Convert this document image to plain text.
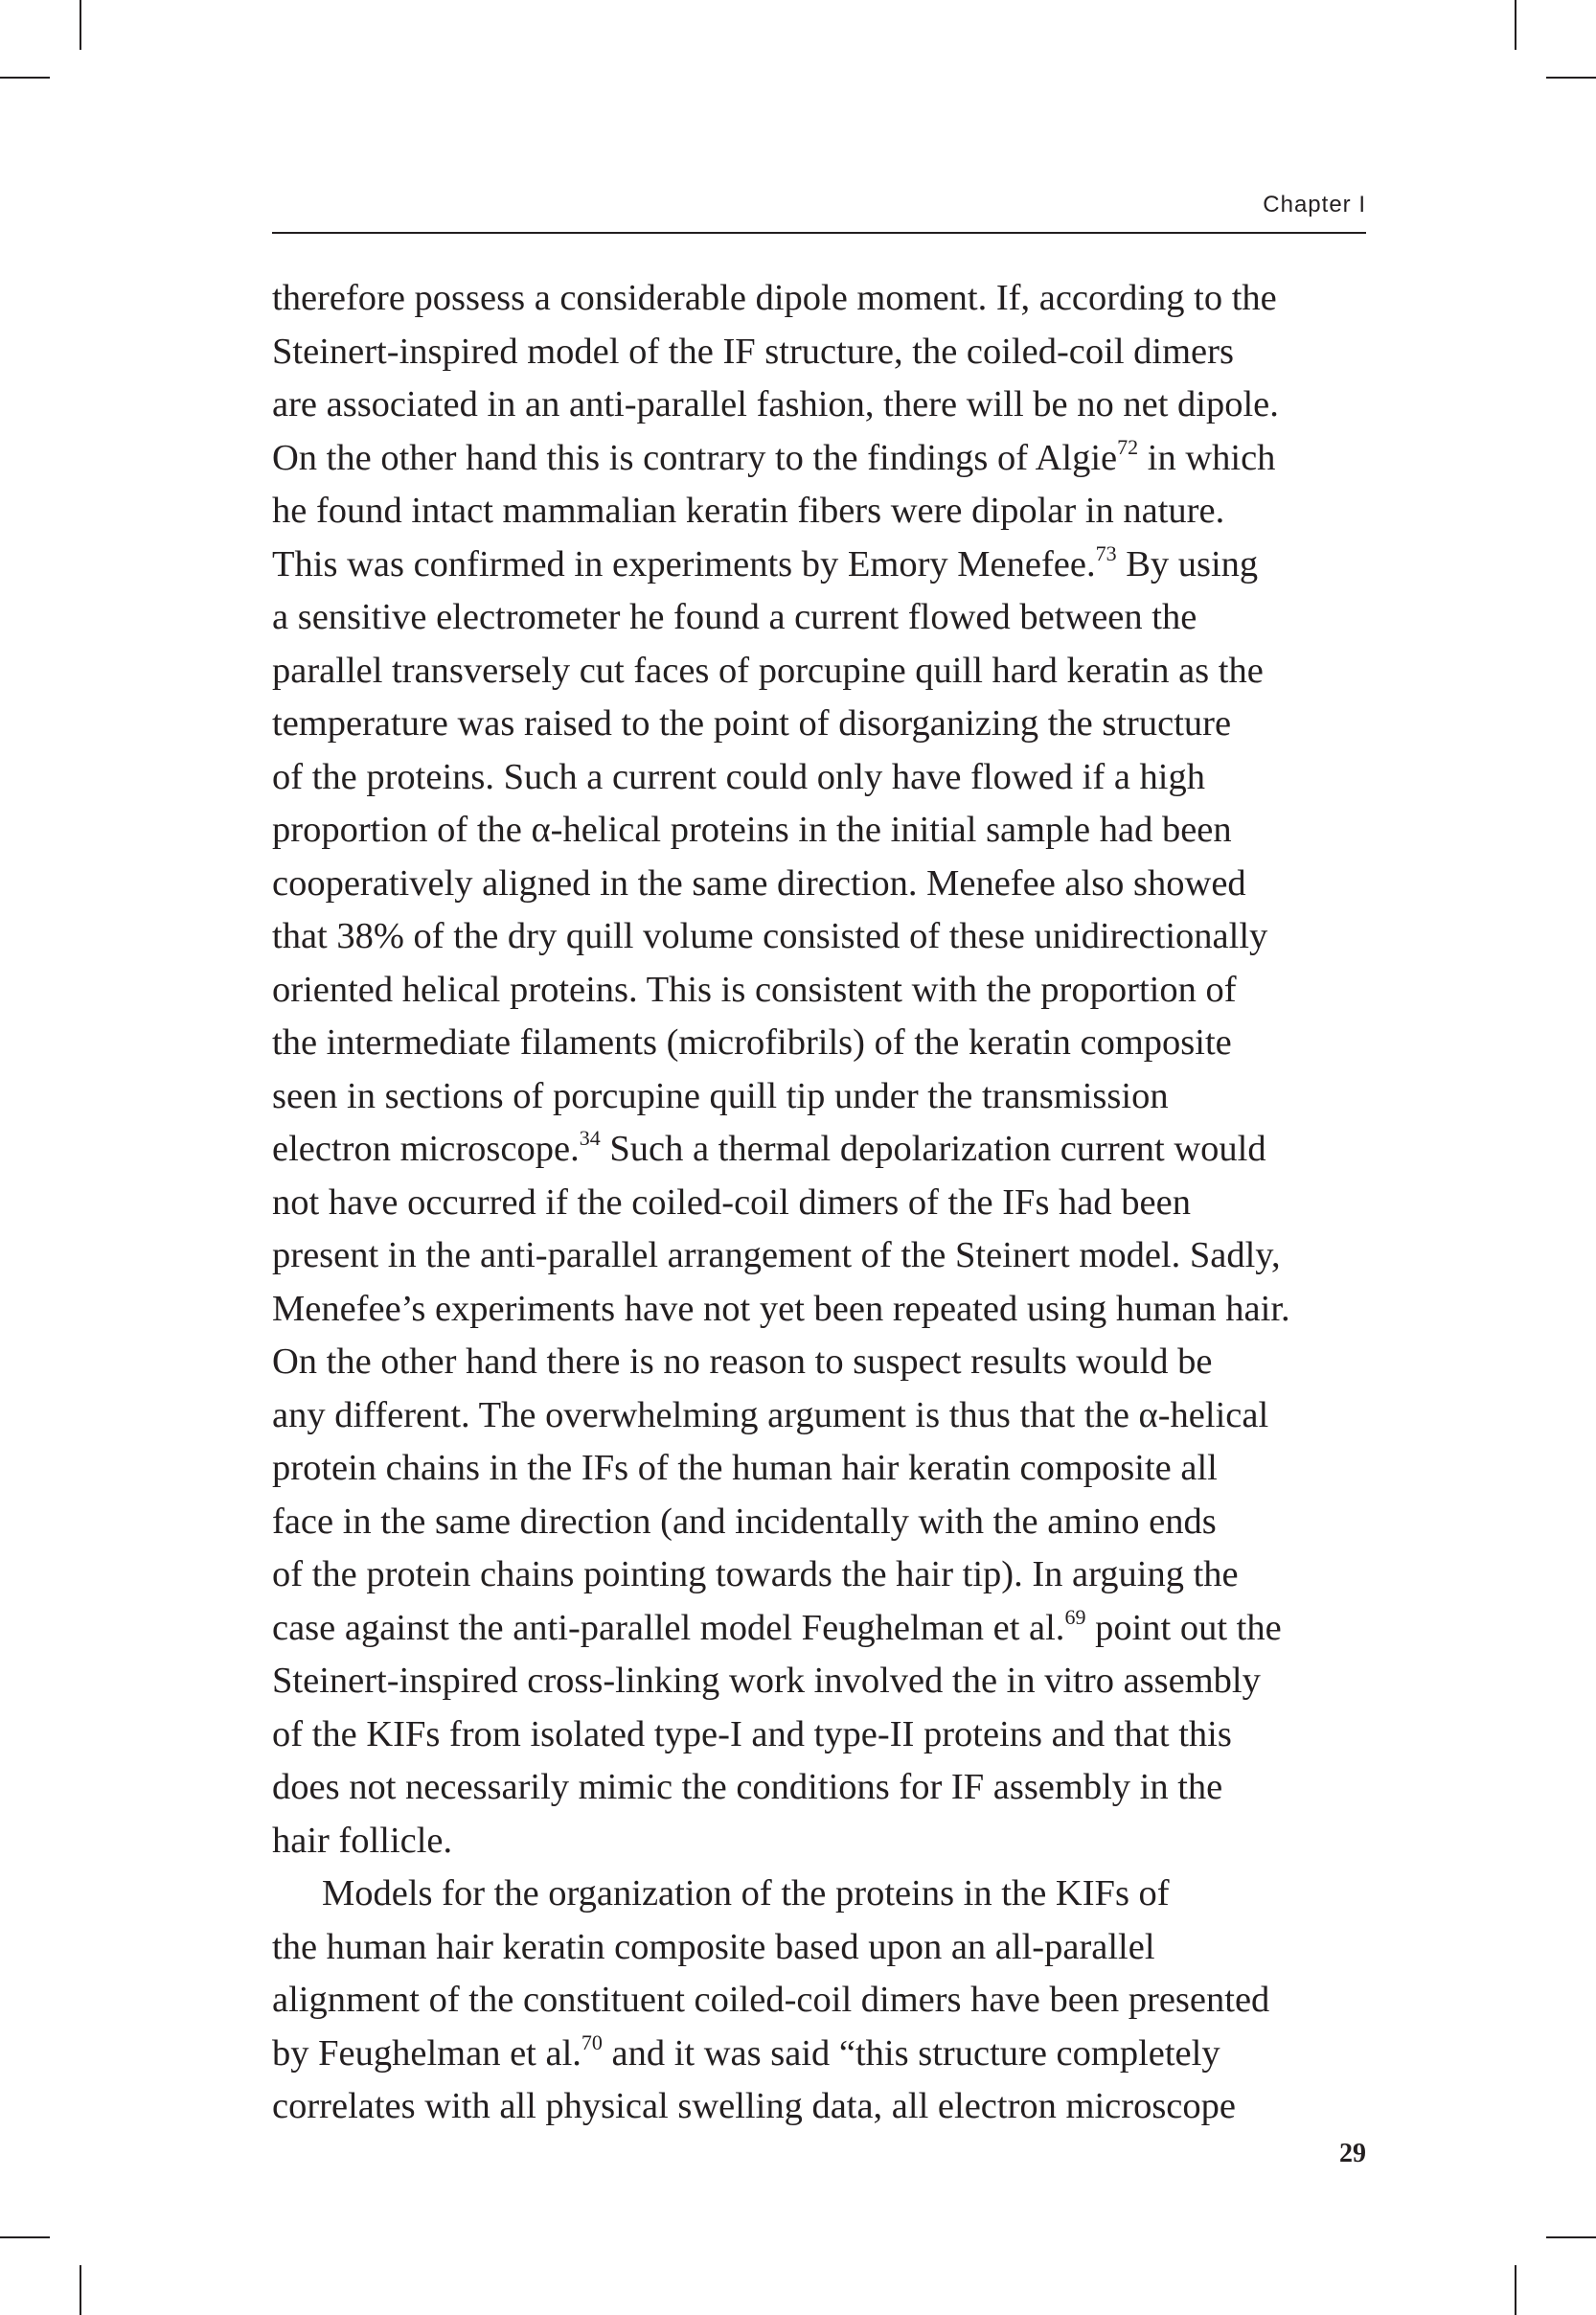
Chapter I
therefore possess a considerable dipole moment. If, according to the
Steinert-inspired model of the IF structure, the coiled-coil dimers
are associated in an anti-parallel fashion, there will be no net dipole.
On the other hand this is contrary to the findings of Algie$^{72}$ in which
he found intact mammalian keratin fibers were dipolar in nature.
This was confirmed in experiments by Emory Menefee.$^{73}$ By using
a sensitive electrometer he found a current flowed between the
parallel transversely cut faces of porcupine quill hard keratin as the
temperature was raised to the point of disorganizing the structure
of the proteins. Such a current could only have flowed if a high
proportion of the α-helical proteins in the initial sample had been
cooperatively aligned in the same direction. Menefee also showed
that 38% of the dry quill volume consisted of these unidirectionally
oriented helical proteins. This is consistent with the proportion of
the intermediate filaments (microfibrils) of the keratin composite
seen in sections of porcupine quill tip under the transmission
electron microscope.$^{34}$ Such a thermal depolarization current would
not have occurred if the coiled-coil dimers of the IFs had been
present in the anti-parallel arrangement of the Steinert model. Sadly,
Menefee’s experiments have not yet been repeated using human hair.
On the other hand there is no reason to suspect results would be
any different. The overwhelming argument is thus that the α-helical
protein chains in the IFs of the human hair keratin composite all
face in the same direction (and incidentally with the amino ends
of the protein chains pointing towards the hair tip). In arguing the
case against the anti-parallel model Feughelman et al.$^{69}$ point out the
Steinert-inspired cross-linking work involved the in vitro assembly
of the KIFs from isolated type-I and type-II proteins and that this
does not necessarily mimic the conditions for IF assembly in the
hair follicle.
Models for the organization of the proteins in the KIFs of
the human hair keratin composite based upon an all-parallel
alignment of the constituent coiled-coil dimers have been presented
by Feughelman et al.$^{70}$ and it was said “this structure completely
correlates with all physical swelling data, all electron microscope
29
